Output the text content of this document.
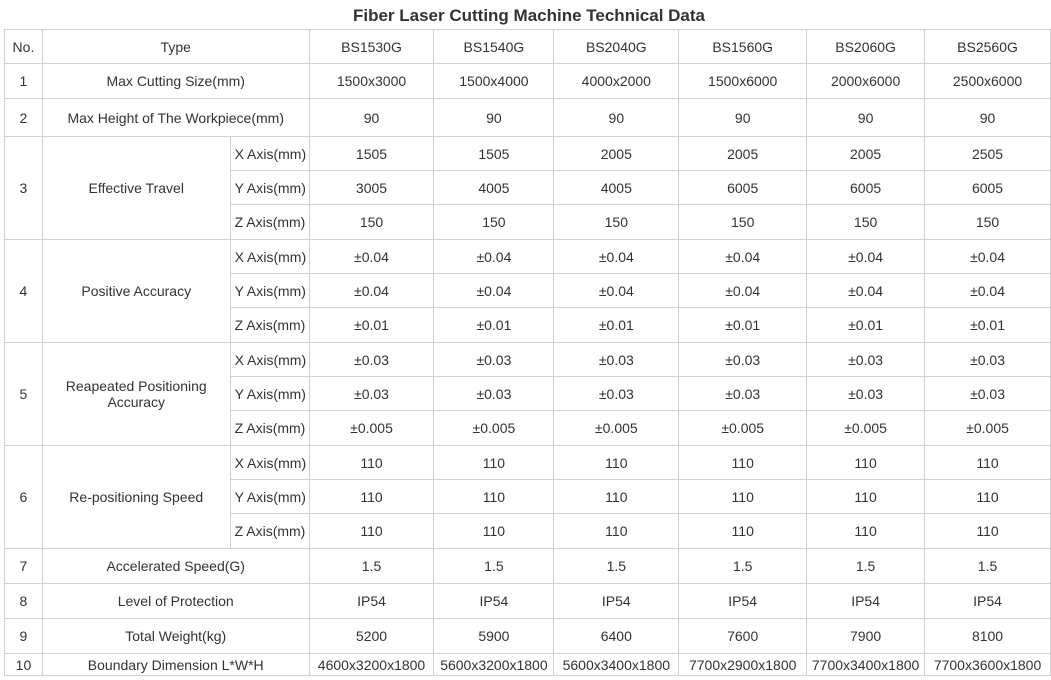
Fiber Laser Cutting Machine Technical Data
No.	Type		BS1530G	BS1540G	BS2040G	BS1560G	BS2060G	BS2560G
1	Max Cutting Size(mm)		1500x3000	1500x4000	4000x2000	1500x6000	2000x6000	2500x6000
2	Max Height of The Workpiece(mm)		90	90	90	90	90	90
3	Effective Travel	X Axis(mm)	1505	1505	2005	2005	2005	2505
		Y Axis(mm)	3005	4005	4005	6005	6005	6005
		Z Axis(mm)	150	150	150	150	150	150
4	Positive Accuracy	X Axis(mm)	±0.04	±0.04	±0.04	±0.04	±0.04	±0.04
		Y Axis(mm)	±0.04	±0.04	±0.04	±0.04	±0.04	±0.04
		Z Axis(mm)	±0.01	±0.01	±0.01	±0.01	±0.01	±0.01
5	Reapeated Positioning Accuracy	X Axis(mm)	±0.03	±0.03	±0.03	±0.03	±0.03	±0.03
		Y Axis(mm)	±0.03	±0.03	±0.03	±0.03	±0.03	±0.03
		Z Axis(mm)	±0.005	±0.005	±0.005	±0.005	±0.005	±0.005
6	Re-positioning Speed	X Axis(mm)	110	110	110	110	110	110
		Y Axis(mm)	110	110	110	110	110	110
		Z Axis(mm)	110	110	110	110	110	110
7	Accelerated Speed(G)		1.5	1.5	1.5	1.5	1.5	1.5
8	Level of Protection		IP54	IP54	IP54	IP54	IP54	IP54
9	Total Weight(kg)		5200	5900	6400	7600	7900	8100
10	Boundary Dimension L*W*H		4600x3200x1800	5600x3200x1800	5600x3400x1800	7700x2900x1800	7700x3400x1800	7700x3600x1800
